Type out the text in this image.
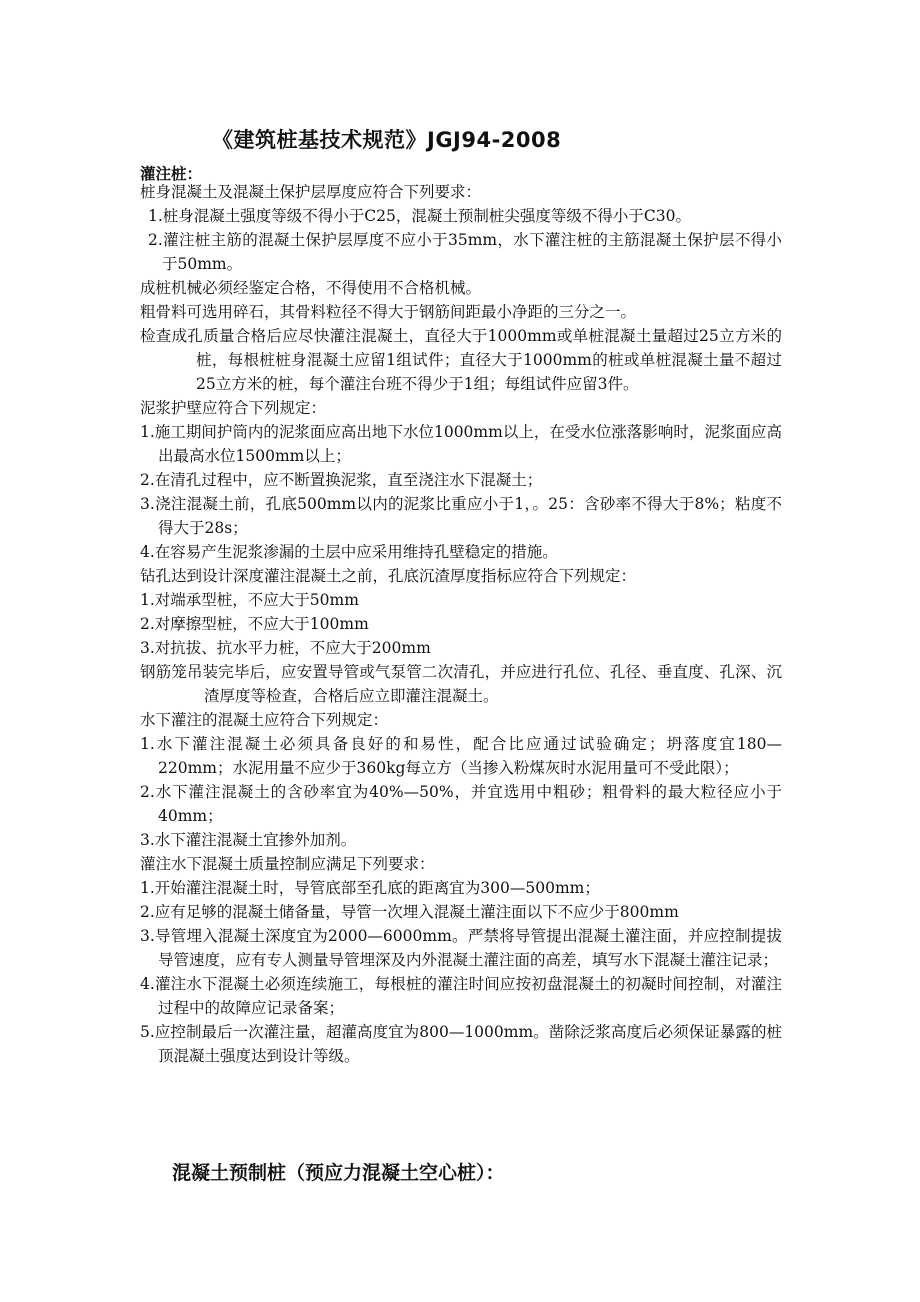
《建筑桩基技术规范》JGJ94-2008
灌注桩：

桩身混凝土及混凝土保护层厚度应符合下列要求：

1.桩身混凝土强度等级不得小于C25，混凝土预制桩尖强度等级不得小于C30。

2.灌注桩主筋的混凝土保护层厚度不应小于35mm，水下灌注桩的主筋混凝土保护层不得小于50mm。

成桩机械必须经鉴定合格，不得使用不合格机械。

粗骨料可选用碎石，其骨料粒径不得大于钢筋间距最小净距的三分之一。

检查成孔质量合格后应尽快灌注混凝土，直径大于1000mm或单桩混凝土量超过25立方米的桩，每根桩桩身混凝土应留1组试件；直径大于1000mm的桩或单桩混凝土量不超过25立方米的桩，每个灌注台班不得少于1组；每组试件应留3件。

泥浆护壁应符合下列规定：

1.施工期间护筒内的泥浆面应高出地下水位1000mm以上，在受水位涨落影响时，泥浆面应高出最高水位1500mm以上；

2.在清孔过程中，应不断置换泥浆，直至浇注水下混凝土；

3.浇注混凝土前，孔底500mm以内的泥浆比重应小于1，。25：含砂率不得大于8%；粘度不得大于28s；

4.在容易产生泥浆渗漏的土层中应采用维持孔壁稳定的措施。

钻孔达到设计深度灌注混凝土之前，孔底沉渣厚度指标应符合下列规定：

1.对端承型桩，不应大于50mm

2.对摩擦型桩，不应大于100mm

3.对抗拔、抗水平力桩，不应大于200mm

钢筋笼吊装完毕后，应安置导管或气泵管二次清孔，并应进行孔位、孔径、垂直度、孔深、沉渣厚度等检查，合格后应立即灌注混凝土。

水下灌注的混凝土应符合下列规定：

1.水下灌注混凝土必须具备良好的和易性，配合比应通过试验确定；坍落度宜180—220mm；水泥用量不应少于360kg每立方（当掺入粉煤灰时水泥用量可不受此限）；

2.水下灌注混凝土的含砂率宜为40%—50%，并宜选用中粗砂；粗骨料的最大粒径应小于40mm；

3.水下灌注混凝土宜掺外加剂。

灌注水下混凝土质量控制应满足下列要求：

1.开始灌注混凝土时，导管底部至孔底的距离宜为300—500mm；

2.应有足够的混凝土储备量，导管一次埋入混凝土灌注面以下不应少于800mm

3.导管埋入混凝土深度宜为2000—6000mm。严禁将导管提出混凝土灌注面，并应控制提拔导管速度，应有专人测量导管埋深及内外混凝土灌注面的高差，填写水下混凝土灌注记录；

4.灌注水下混凝土必须连续施工，每根桩的灌注时间应按初盘混凝土的初凝时间控制，对灌注过程中的故障应记录备案；

5.应控制最后一次灌注量，超灌高度宜为800—1000mm。凿除泛浆高度后必须保证暴露的桩顶混凝土强度达到设计等级。

混凝土预制桩（预应力混凝土空心桩）：
